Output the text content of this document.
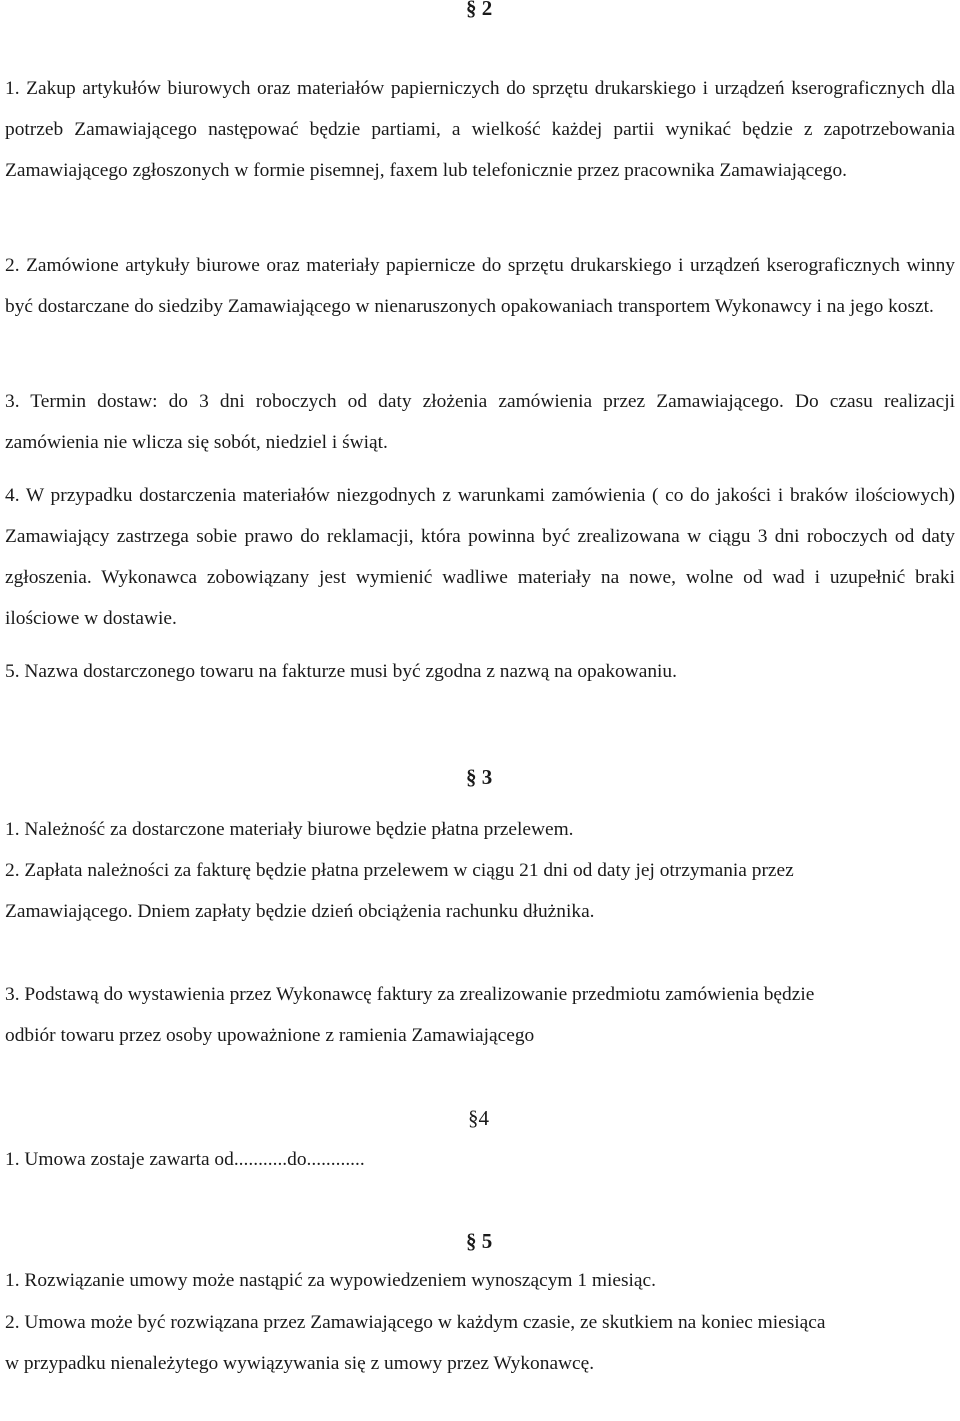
§ 2

1. Zakup artykułów biurowych oraz materiałów papierniczych do sprzętu drukarskiego i urządzeń kserograficznych dla potrzeb Zamawiającego następować będzie partiami, a wielkość każdej partii wynikać będzie z zapotrzebowania Zamawiającego zgłoszonych w formie pisemnej, faxem lub telefonicznie przez pracownika Zamawiającego.

2. Zamówione artykuły biurowe oraz materiały papiernicze do sprzętu drukarskiego i urządzeń kserograficznych winny być dostarczane do siedziby Zamawiającego w nienaruszonych opakowaniach transportem Wykonawcy i na jego koszt.

3. Termin dostaw: do 3 dni roboczych od daty złożenia zamówienia przez Zamawiającego. Do czasu realizacji zamówienia nie wlicza się sobót, niedziel i świąt.

4. W przypadku dostarczenia materiałów niezgodnych z warunkami zamówienia ( co do jakości i braków ilościowych) Zamawiający zastrzega sobie prawo do reklamacji, która powinna być zrealizowana w ciągu 3 dni roboczych od daty zgłoszenia. Wykonawca zobowiązany jest wymienić wadliwe materiały na nowe, wolne od wad i uzupełnić braki ilościowe w dostawie.

5. Nazwa dostarczonego towaru na fakturze musi być zgodna z nazwą na opakowaniu.

§ 3

1. Należność za dostarczone materiały biurowe będzie płatna przelewem.

2. Zapłata należności za fakturę będzie płatna przelewem w ciągu 21 dni od daty jej otrzymania przez Zamawiającego. Dniem zapłaty będzie dzień obciążenia rachunku dłużnika.

3. Podstawą do wystawienia przez Wykonawcę faktury za zrealizowanie przedmiotu zamówienia będzie odbiór towaru przez osoby upoważnione z ramienia Zamawiającego

§4

1. Umowa zostaje zawarta od...........do............

§ 5

1. Rozwiązanie umowy może nastąpić za wypowiedzeniem wynoszącym 1 miesiąc.

2. Umowa może być rozwiązana przez Zamawiającego w każdym czasie, ze skutkiem na koniec miesiąca w przypadku nienależytego wywiązywania się z umowy przez Wykonawcę.
